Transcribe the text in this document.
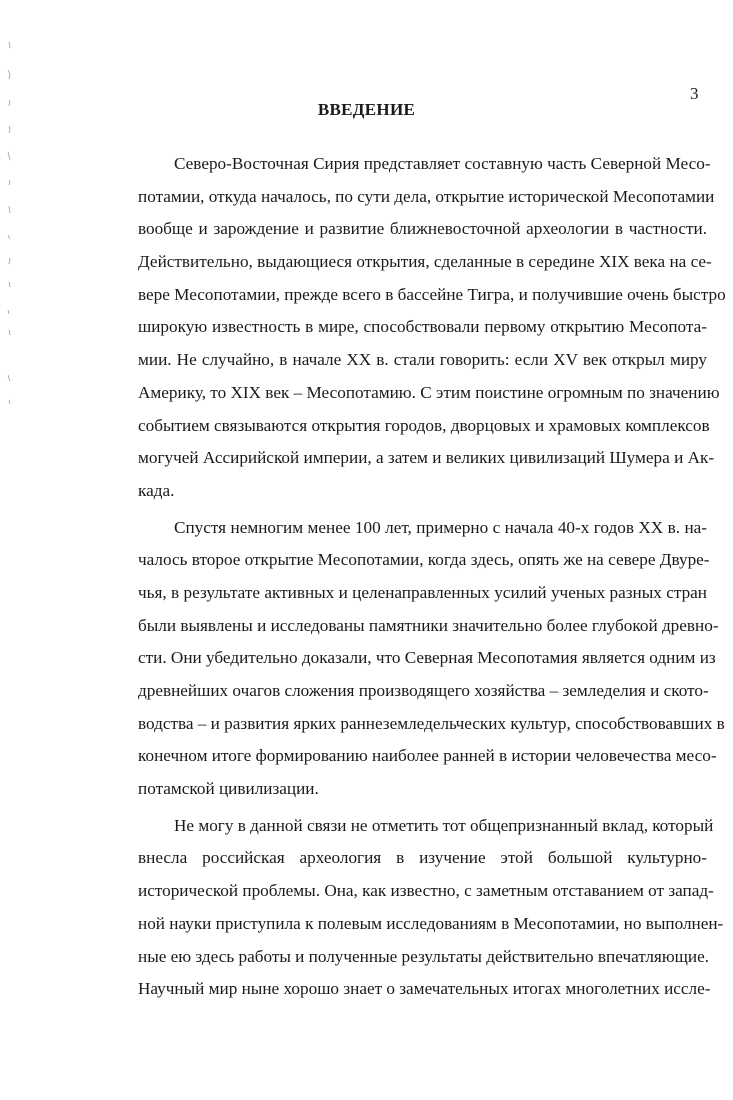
3
ВВЕДЕНИЕ

Северо-Восточная Сирия представляет составную часть Северной Месо-
потамии, откуда началось, по сути дела, открытие исторической Месопотамии
вообще и зарождение и развитие ближневосточной археологии в частности.
Действительно, выдающиеся открытия, сделанные в середине XIX века на се-
вере Месопотамии, прежде всего в бассейне Тигра, и получившие очень быстро
широкую известность в мире, способствовали первому открытию Месопота-
мии. Не случайно, в начале XX в. стали говорить: если XV век открыл миру
Америку, то XIX век – Месопотамию. С этим поистине огромным по значению
событием связываются открытия городов, дворцовых и храмовых комплексов
могучей Ассирийской империи, а затем и великих цивилизаций Шумера и Ак-
када.

Спустя немногим менее 100 лет, примерно с начала 40-х годов XX в. на-
чалось второе открытие Месопотамии, когда здесь, опять же на севере Двуре-
чья, в результате активных и целенаправленных усилий ученых разных стран
были выявлены и исследованы памятники значительно более глубокой древно-
сти. Они убедительно доказали, что Северная Месопотамия является одним из
древнейших очагов сложения производящего хозяйства – земледелия и ското-
водства – и развития ярких раннеземледельческих культур, способствовавших в
конечном итоге формированию наиболее ранней в истории человечества месо-
потамской цивилизации.

Не могу в данной связи не отметить тот общепризнанный вклад, который
внесла российская археология в изучение этой большой культурно-
исторической проблемы. Она, как известно, с заметным отставанием от запад-
ной науки приступила к полевым исследованиям в Месопотамии, но выполнен-
ные ею здесь работы и полученные результаты действительно впечатляющие.
Научный мир ныне хорошо знает о замечательных итогах многолетних иссле-
